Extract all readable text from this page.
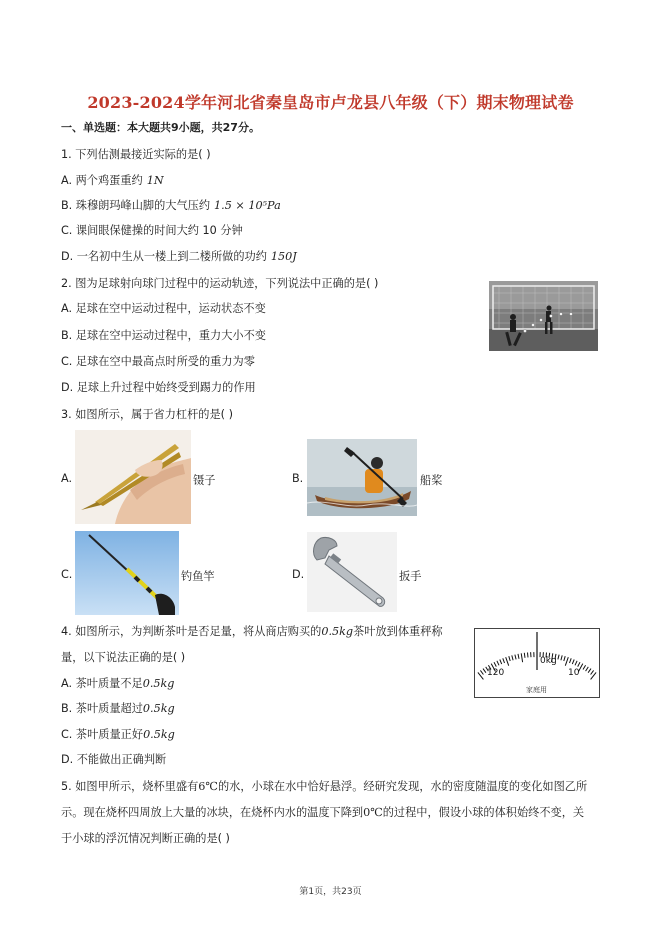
2023-2024学年河北省秦皇岛市卢龙县八年级（下）期末物理试卷
一、单选题：本大题共9小题，共27分。
1. 下列估测最接近实际的是( )
A. 两个鸡蛋重约 1N
B. 珠穆朗玛峰山脚的大气压约 1.5 × 10⁵Pa
C. 课间眼保健操的时间大约 10 分钟
D. 一名初中生从一楼上到二楼所做的功约 150J
2. 图为足球射向球门过程中的运动轨迹，下列说法中正确的是( )
A. 足球在空中运动过程中，运动状态不变
B. 足球在空中运动过程中，重力大小不变
C. 足球在空中最高点时所受的重力为零
D. 足球上升过程中始终受到踢力的作用
3. 如图所示，属于省力杠杆的是( )
A.	镊子	B.	船桨
C.	钓鱼竿	D.	扳手
4. 如图所示，为判断茶叶是否足量，将从商店购买的0.5kg茶叶放到体重秤称
量，以下说法正确的是( )
A. 茶叶质量不足0.5kg
B. 茶叶质量超过0.5kg
C. 茶叶质量正好0.5kg
D. 不能做出正确判断
0kg
120	10
家庭用
5. 如图甲所示，烧杯里盛有6℃的水，小球在水中恰好悬浮。经研究发现，水的密度随温度的变化如图乙所
示。现在烧杯四周放上大量的冰块，在烧杯内水的温度下降到0℃的过程中，假设小球的体积始终不变，关
于小球的浮沉情况判断正确的是( )
第1页，共23页
